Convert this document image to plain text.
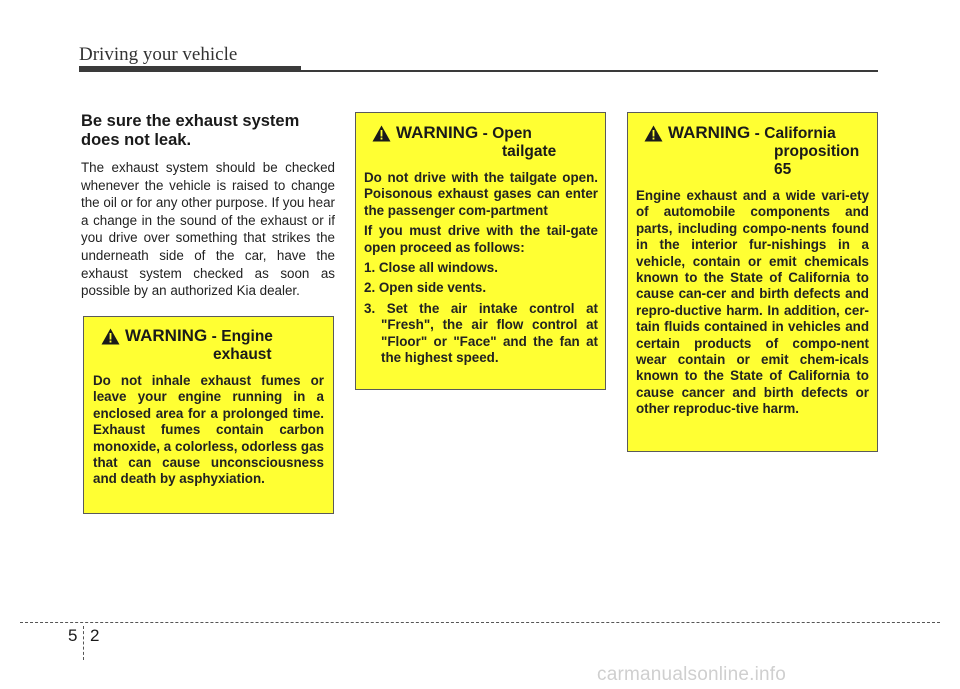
Driving your vehicle
Be sure the exhaust system
does not leak.
The exhaust system should be checked whenever the vehicle is raised to change the oil or for any other purpose. If you hear a change in the sound of the exhaust or if you drive over something that strikes the underneath side of the car, have the exhaust system checked as soon as possible by an authorized Kia dealer.
WARNING - Engine
exhaust
Do not inhale exhaust fumes or leave your engine running in a enclosed area for a prolonged time. Exhaust fumes contain carbon monoxide, a colorless, odorless gas that can cause unconsciousness and death by asphyxiation.
WARNING - Open
tailgate

Do not drive with the tailgate open. Poisonous exhaust gases can enter the passenger com-partment

If you must drive with the tail-gate open proceed as follows:

1. Close all windows.
2. Open side vents.
3. Set the air intake control at "Fresh", the air flow control at "Floor" or "Face" and the fan at the highest speed.
WARNING - California
proposition
65
Engine exhaust and a wide vari-ety of automobile components and parts, including compo-nents found in the interior fur-nishings in a vehicle, contain or emit chemicals known to the State of California to cause can-cer and birth defects and repro-ductive harm. In addition, cer-tain fluids contained in vehicles and certain products of compo-nent wear contain or emit chem-icals known to the State of California to cause cancer and birth defects or other reproduc-tive harm.
5 2
carmanualsonline.info
